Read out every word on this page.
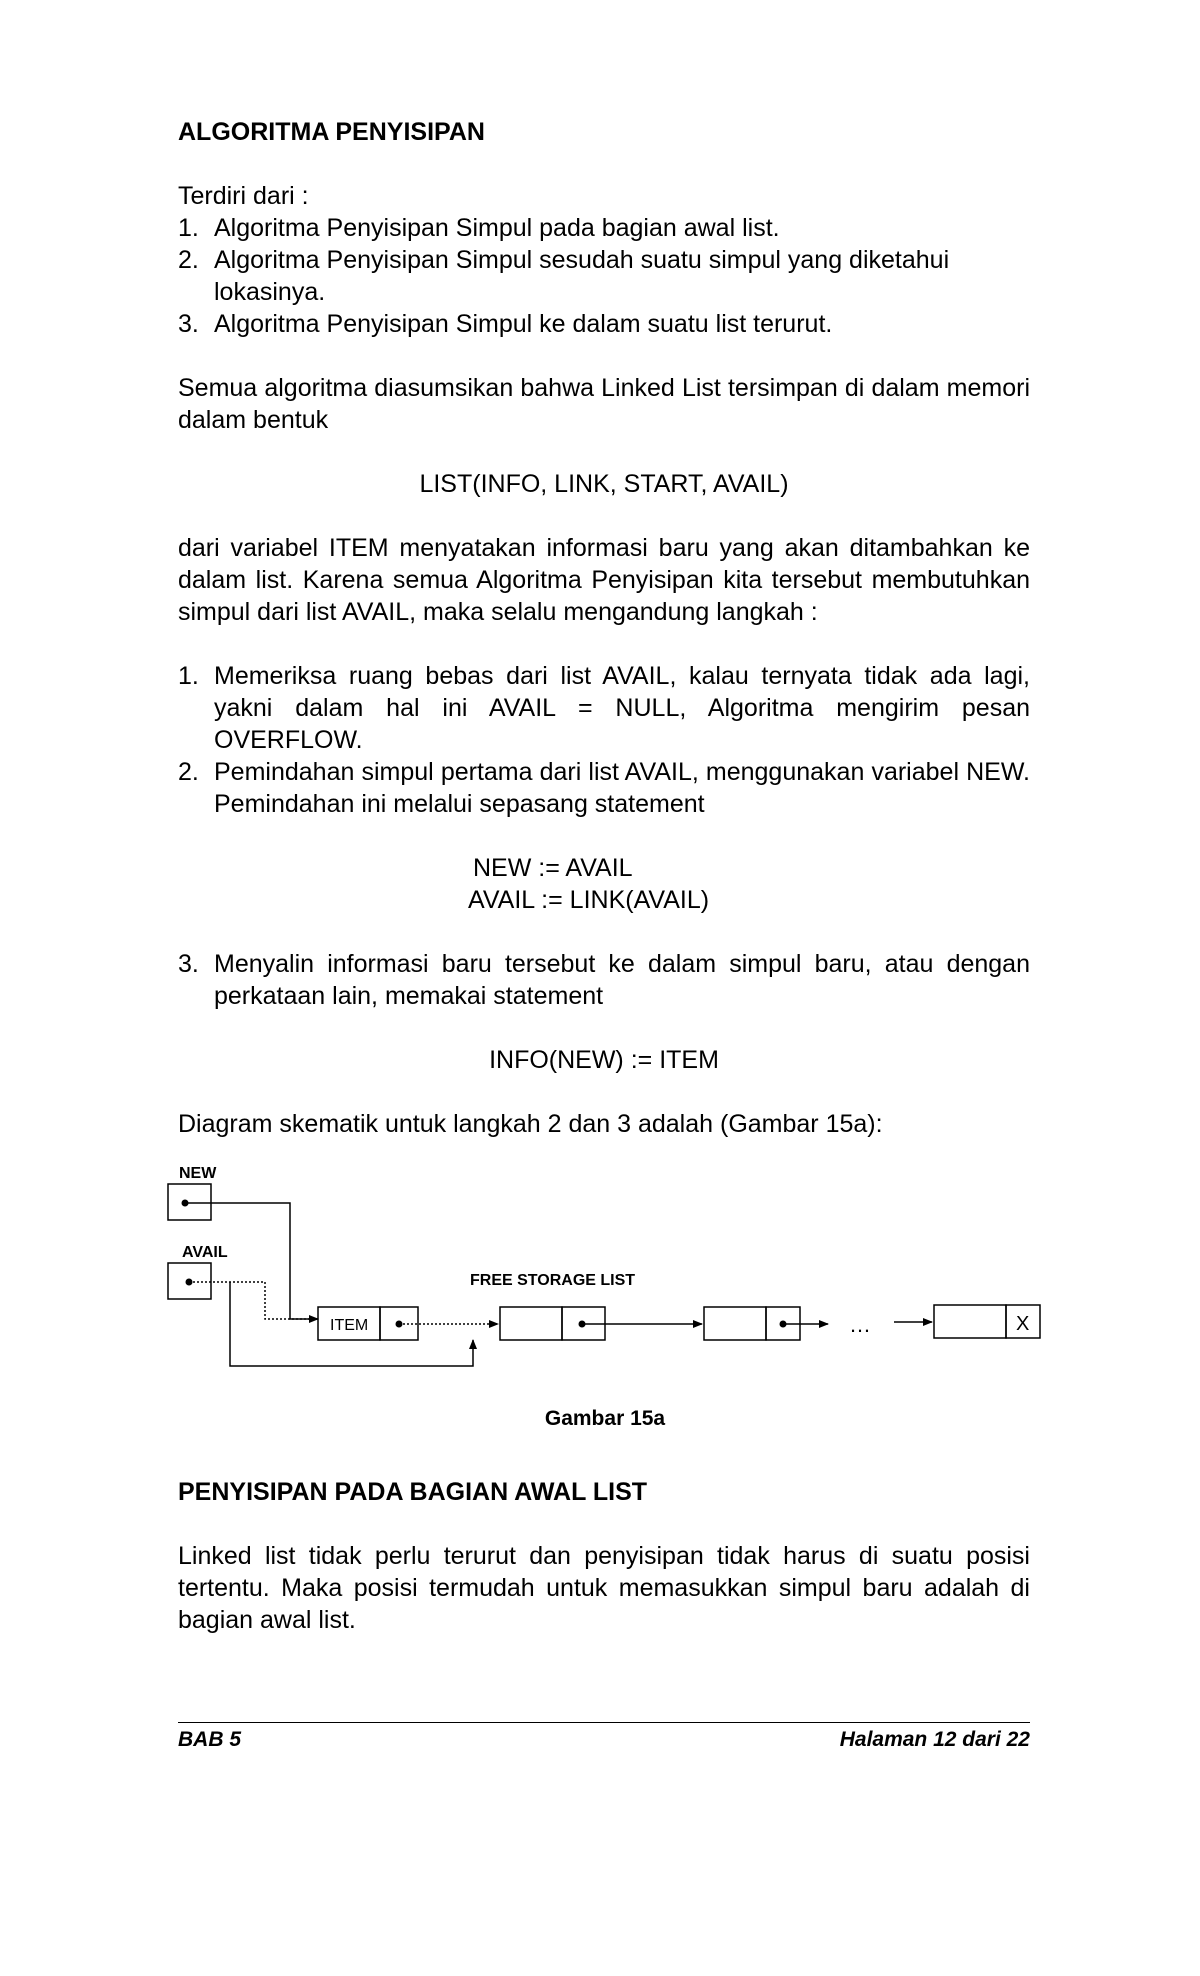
ALGORITMA PENYISIPAN

Terdiri dari :

1. Algoritma Penyisipan Simpul pada bagian awal list.
2. Algoritma Penyisipan Simpul sesudah suatu simpul yang diketahui lokasinya.
3. Algoritma Penyisipan Simpul ke dalam suatu list terurut.

Semua algoritma diasumsikan bahwa Linked List tersimpan di dalam memori dalam bentuk

LIST(INFO, LINK, START, AVAIL)

dari variabel ITEM menyatakan informasi baru yang akan ditambahkan ke dalam list. Karena semua Algoritma Penyisipan kita tersebut membutuhkan simpul dari list AVAIL, maka selalu mengandung langkah :

1. Memeriksa ruang bebas dari list AVAIL, kalau ternyata tidak ada lagi, yakni dalam hal ini AVAIL = NULL, Algoritma mengirim pesan OVERFLOW.
2. Pemindahan simpul pertama dari list AVAIL, menggunakan variabel NEW. Pemindahan ini melalui sepasang statement

NEW := AVAIL

AVAIL := LINK(AVAIL)

3. Menyalin informasi baru tersebut ke dalam simpul baru, atau dengan perkataan lain, memakai statement

INFO(NEW) := ITEM

Diagram skematik untuk langkah 2 dan 3 adalah (Gambar 15a):

PENYISIPAN PADA BAGIAN AWAL LIST

Linked list tidak perlu terurut dan penyisipan tidak harus di suatu posisi tertentu. Maka posisi termudah untuk memasukkan simpul baru adalah di bagian awal list.

NEW
AVAIL
FREE STORAGE LIST
ITEM	…	X
Gambar 15a
BAB 5	Halaman 12 dari 22
